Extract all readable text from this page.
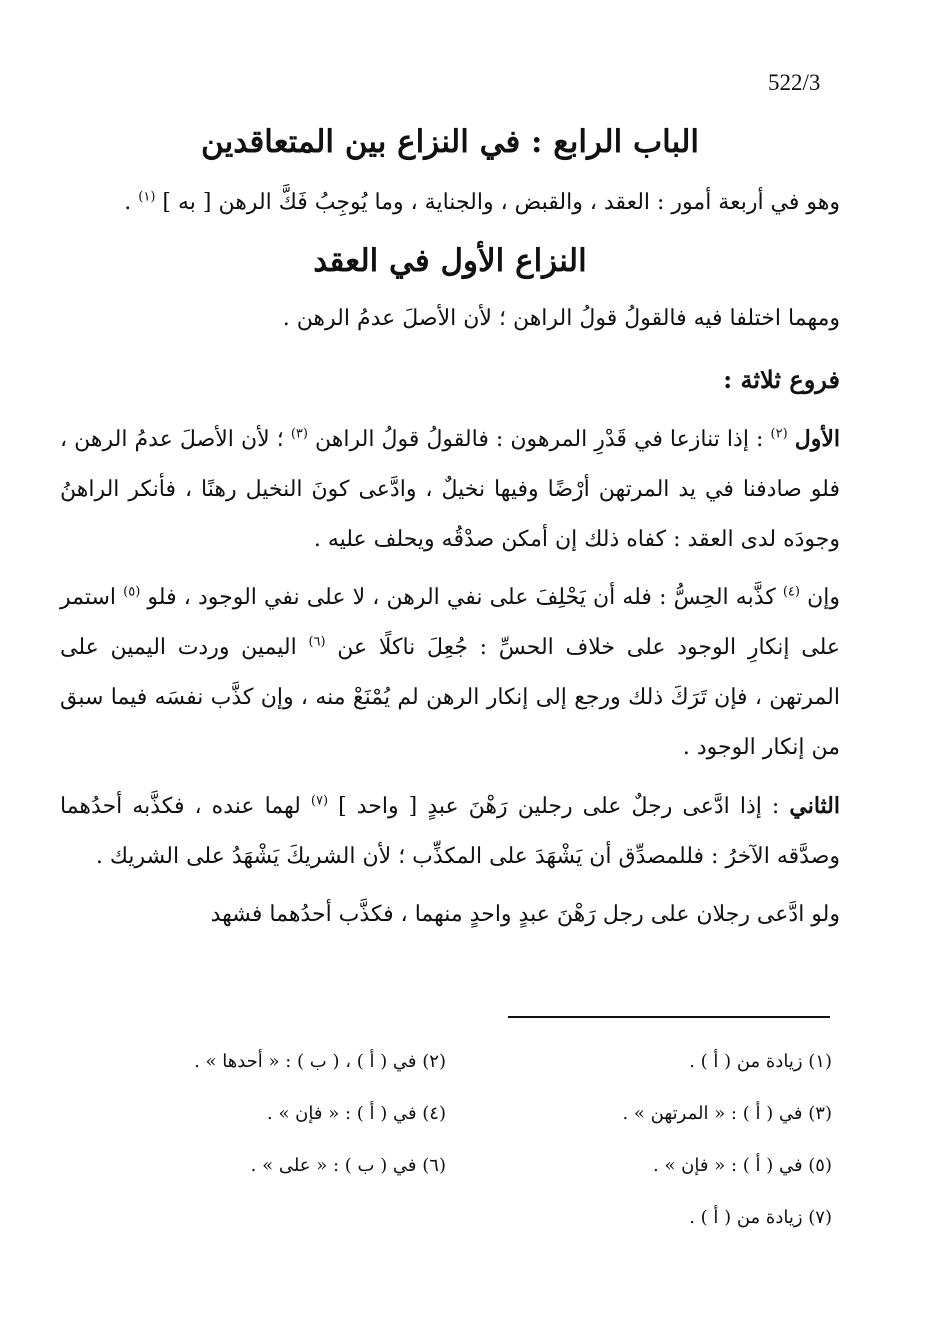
522/3
الباب الرابع : في النزاع بين المتعاقدين

وهو في أربعة أمور : العقد ، والقبض ، والجناية ، وما يُوجِبُ فَكَّ الرهن [ به ] $^{(١)}$ .

النزاع الأول في العقد

ومهما اختلفا فيه فالقولُ قولُ الراهن ؛ لأن الأصلَ عدمُ الرهن .

فروع ثلاثة :

الأول $^{(٢)}$ : إذا تنازعا في قَدْرِ المرهون : فالقولُ قولُ الراهن $^{(٣)}$ ؛ لأن الأصلَ عدمُ الرهن ، فلو صادفنا في يد المرتهن أرْضًا وفيها نخيلٌ ، وادَّعى كونَ النخيل رهنًا ، فأنكر الراهنُ وجودَه لدى العقد : كفاه ذلك إن أمكن صدْقُه ويحلف عليه .

وإن $^{(٤)}$ كذَّبه الحِسُّ : فله أن يَحْلِفَ على نفي الرهن ، لا على نفي الوجود ، فلو $^{(٥)}$ استمر على إنكارِ الوجود على خلاف الحسِّ : جُعِلَ ناكلًا عن $^{(٦)}$ اليمين وردت اليمين على المرتهن ، فإن تَرَكَ ذلك ورجع إلى إنكار الرهن لم يُمْنَعْ منه ، وإن كذَّب نفسَه فيما سبق من إنكار الوجود .

الثاني : إذا ادَّعى رجلٌ على رجلين رَهْنَ عبدٍ [ واحد ] $^{(٧)}$ لهما عنده ، فكذَّبه أحدُهما وصدَّقه الآخرُ : فللمصدِّق أن يَشْهَدَ على المكذِّب ؛ لأن الشريكَ يَشْهَدُ على الشريك .

ولو ادَّعى رجلان على رجل رَهْنَ عبدٍ واحدٍ منهما ، فكذَّب أحدُهما فشهد

(١) زيادة من ( أ ) .
(٢) في ( أ ) ، ( ب ) : « أحدها » .
(٣) في ( أ ) : « المرتهن » .
(٤) في ( أ ) : « فإن » .
(٥) في ( أ ) : « فإن » .
(٦) في ( ب ) : « على » .
(٧) زيادة من ( أ ) .
